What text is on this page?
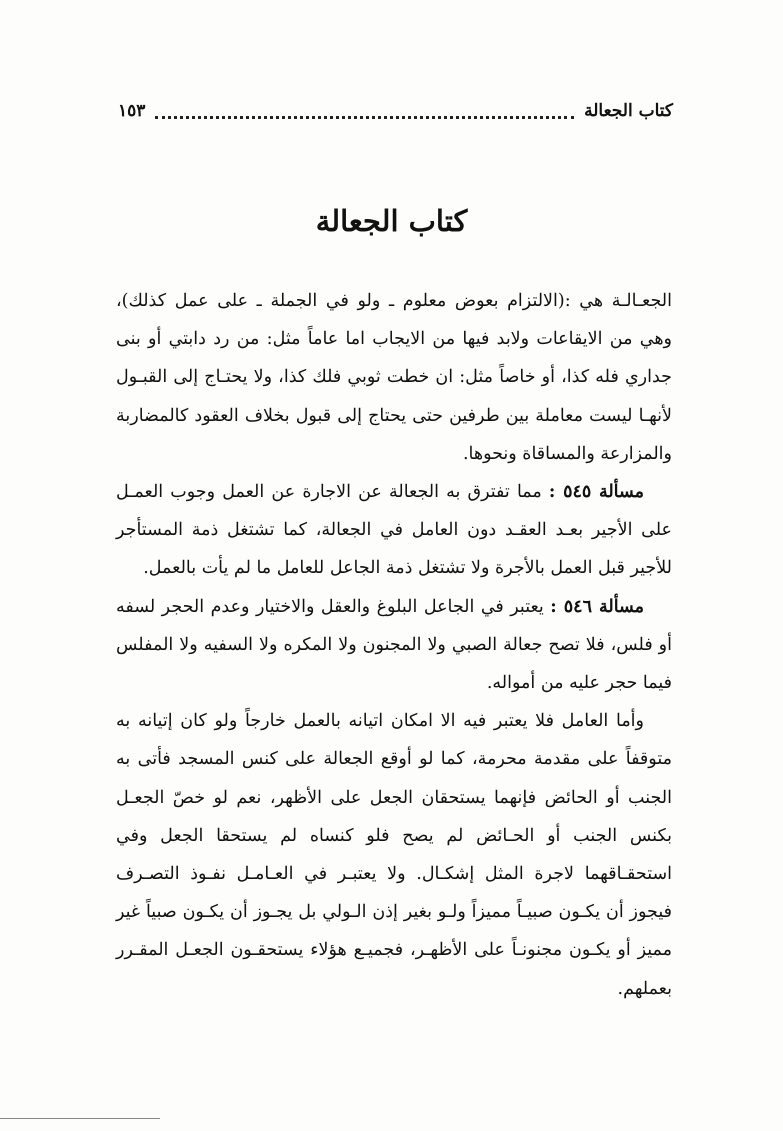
كتاب الجعالة
١٥٣
كتاب الجعالة

الجعـالـة هي :(الالتزام بعوض معلوم ـ ولو في الجملة ـ على عمل كذلك)، وهي من الايقاعات ولابد فيها من الايجاب اما عاماً مثل: من رد دابتي أو بنى جداري فله كذا، أو خاصاً مثل: ان خطت ثوبي فلك كذا، ولا يحتـاج إلى القبـول لأنهـا ليست معاملة بين طرفين حتى يحتاج إلى قبول بخلاف العقود كالمضاربة والمزارعة والمساقاة ونحوها.

مسألة ٥٤٥ : مما تفترق به الجعالة عن الاجارة عن العمل وجوب العمـل على الأجير بعـد العقـد دون العامل في الجعالة، كما تشتغل ذمة المستأجر للأجير قبل العمل بالأجرة ولا تشتغل ذمة الجاعل للعامل ما لم يأت بالعمل.

مسألة ٥٤٦ : يعتبر في الجاعل البلوغ والعقل والاختيار وعدم الحجر لسفه أو فلس، فلا تصح جعالة الصبي ولا المجنون ولا المكره ولا السفيه ولا المفلس فيما حجر عليه من أمواله.

وأما العامل فلا يعتبر فيه الا امكان اتيانه بالعمل خارجاً ولو كان إتيانه به متوقفاً على مقدمة محرمة، كما لو أوقع الجعالة على كنس المسجد فأتى به الجنب أو الحائض فإنهما يستحقان الجعل على الأظهر، نعم لو خصّ الجعـل بكنس الجنب أو الحـائض لم يصح فلو كنساه لم يستحقا الجعل وفي استحقـاقهما لاجرة المثل إشكـال. ولا يعتبـر في العـامـل نفـوذ التصـرف فيجوز أن يكـون صبيـاً مميزاً ولـو بغير إذن الـولي بل يجـوز أن يكـون صبياً غير مميز أو يكـون مجنونـاً على الأظهـر، فجميـع هؤلاء يستحقـون الجعـل المقـرر بعملهم.
